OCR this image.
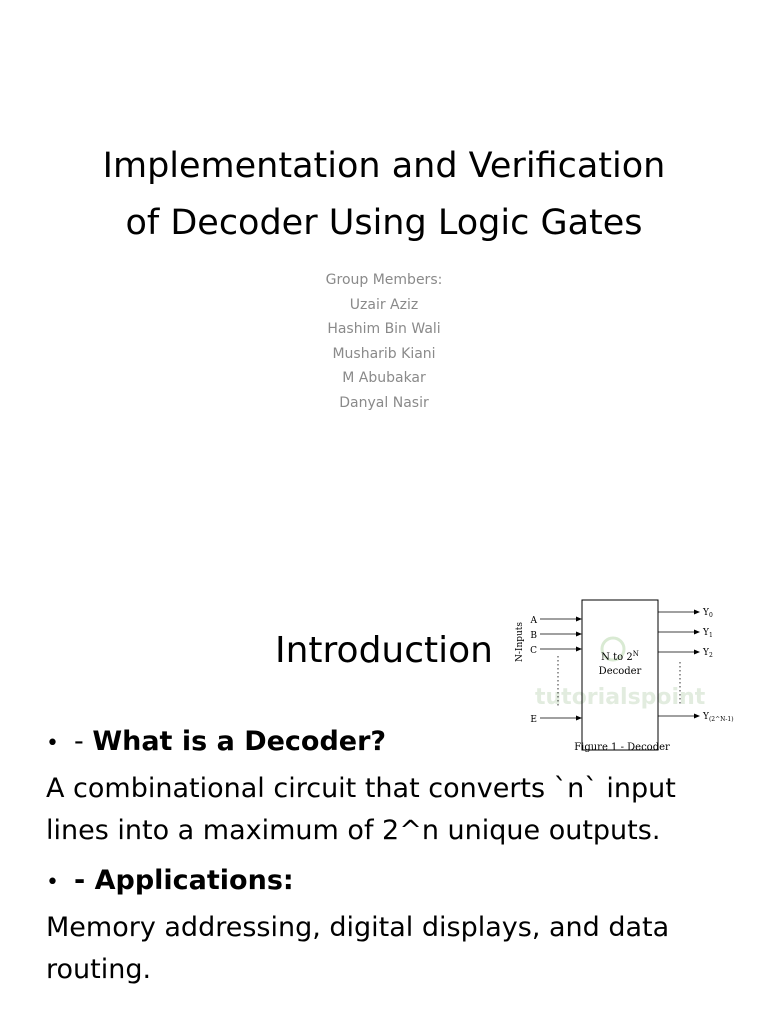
Implementation and Verification
of Decoder Using Logic Gates
Group Members:
Uzair Aziz
Hashim Bin Wali
Musharib Kiani
M Abubakar
Danyal Nasir
Introduction
tutorialspoint
N-Inputs	N to $2^N$
Decoder
A
B
C
E
$Y_0$
$Y_1$
$Y_2$
$Y_{(2\^{}N-1)}$
Figure 1 - Decoder
• - What is a Decoder?
A combinational circuit that converts `n` input lines into a maximum of 2^n unique outputs.
• - Applications:
Memory addressing, digital displays, and data routing.
